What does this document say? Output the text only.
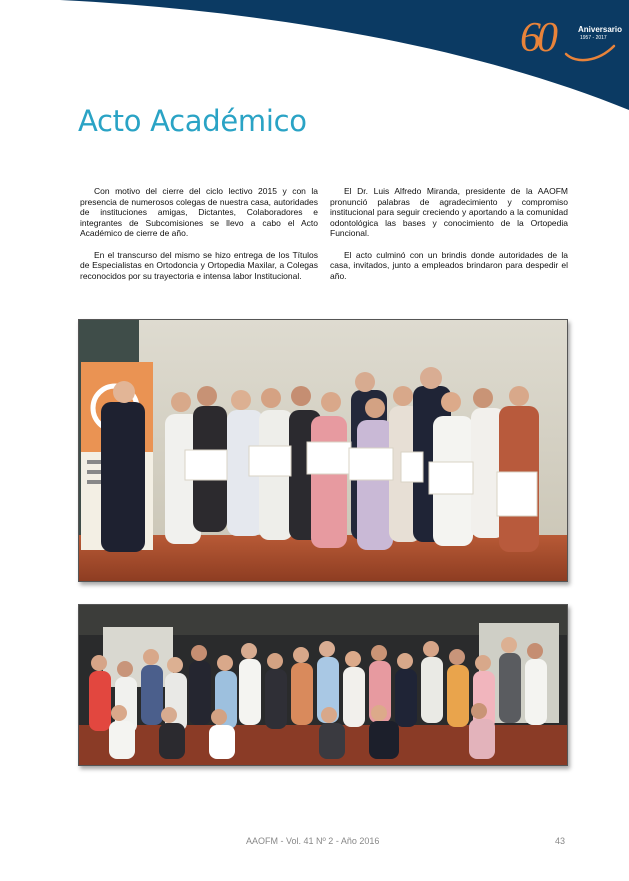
60	Aniversario
1957 - 2017
Acto Académico

Con motivo del cierre del ciclo lectivo 2015 y con la presencia de numerosos colegas de nuestra casa, autoridades de instituciones amigas, Dictantes, Colaboradores e integrantes de Subcomisiones se llevo a cabo el Acto Académico de cierre de año.

En el transcurso del mismo se hizo entrega de los Títulos de Especialistas en Ortodoncia y Ortopedia Maxilar, a Colegas reconocidos por su trayectoria e intensa labor Institucional.

El Dr. Luis Alfredo Miranda, presidente de la AAOFM pronunció palabras de agradecimiento y compromiso institucional para seguir creciendo y aportando a la comunidad odontológica las bases y conocimiento de la Ortopedia Funcional.

El acto culminó con un brindis donde autoridades de la casa, invitados, junto a empleados brindaron para despedir el año.

AAOFM - Vol. 41 Nº 2 - Año 2016	43
